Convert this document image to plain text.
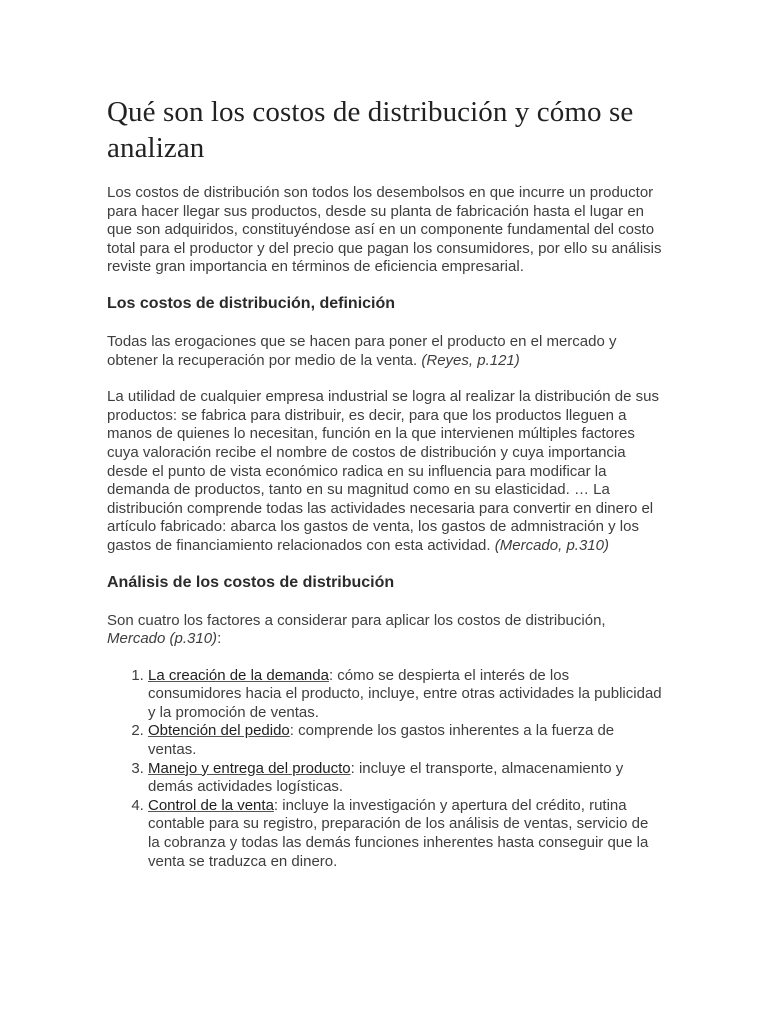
Qué son los costos de distribución y cómo se analizan

Los costos de distribución son todos los desembolsos en que incurre un productor para hacer llegar sus productos, desde su planta de fabricación hasta el lugar en que son adquiridos, constituyéndose así en un componente fundamental del costo total para el productor y del precio que pagan los consumidores, por ello su análisis reviste gran importancia en términos de eficiencia empresarial.

Los costos de distribución, definición

Todas las erogaciones que se hacen para poner el producto en el mercado y obtener la recuperación por medio de la venta. (Reyes, p.121)

La utilidad de cualquier empresa industrial se logra al realizar la distribución de sus productos: se fabrica para distribuir, es decir, para que los productos lleguen a manos de quienes lo necesitan, función en la que intervienen múltiples factores cuya valoración recibe el nombre de costos de distribución y cuya importancia desde el punto de vista económico radica en su influencia para modificar la demanda de productos, tanto en su magnitud como en su elasticidad. … La distribución comprende todas las actividades necesaria para convertir en dinero el artículo fabricado: abarca los gastos de venta, los gastos de admnistración y los gastos de financiamiento relacionados con esta actividad. (Mercado, p.310)

Análisis de los costos de distribución

Son cuatro los factores a considerar para aplicar los costos de distribución, Mercado (p.310):

1. La creación de la demanda: cómo se despierta el interés de los consumidores hacia el producto, incluye, entre otras actividades la publicidad y la promoción de ventas.
2. Obtención del pedido: comprende los gastos inherentes a la fuerza de ventas.
3. Manejo y entrega del producto: incluye el transporte, almacenamiento y demás actividades logísticas.
4. Control de la venta: incluye la investigación y apertura del crédito, rutina contable para su registro, preparación de los análisis de ventas, servicio de la cobranza y todas las demás funciones inherentes hasta conseguir que la venta se traduzca en dinero.
